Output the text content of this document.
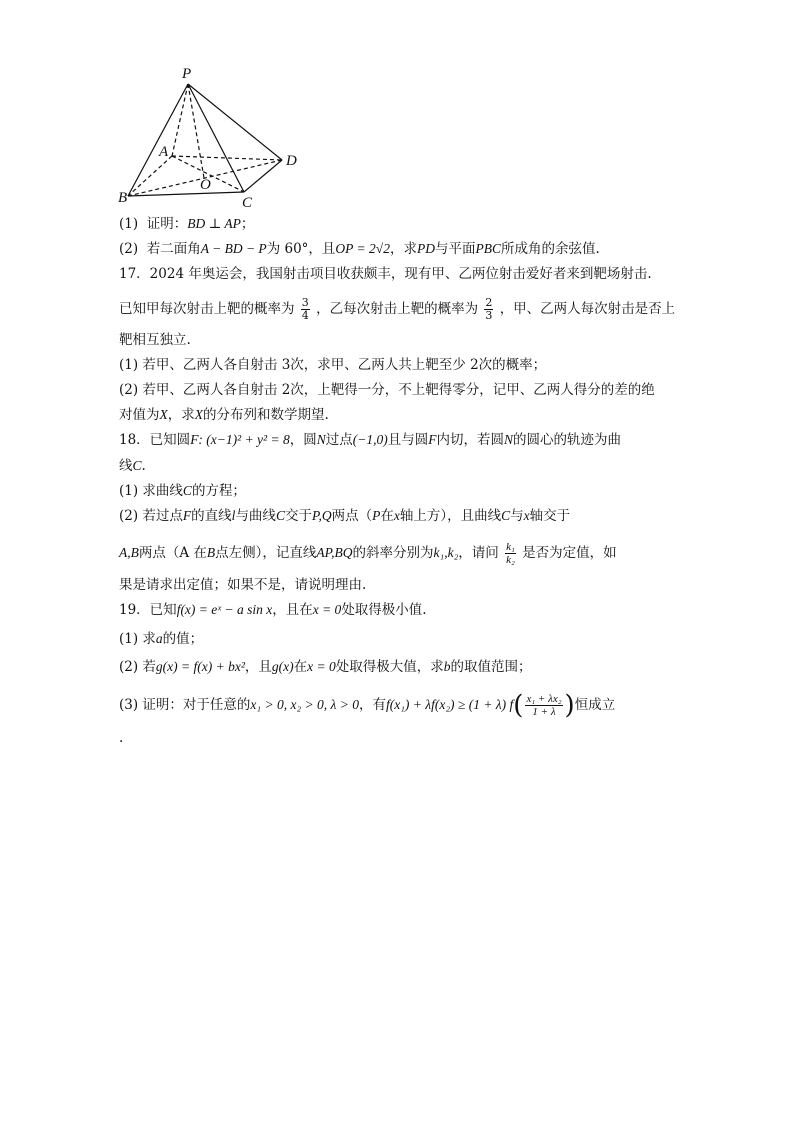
P
A
D
O
B	C
(1) 证明：BD ⊥ AP；
(2) 若二面角A − BD − P为 60°，且OP = 2√2，求PD与平面PBC所成角的余弦值.
17．2024 年奥运会，我国射击项目收获颇丰，现有甲、乙两位射击爱好者来到靶场射击.
已知甲每次射击上靶的概率为 $\frac{3}{4}$ ，乙每次射击上靶的概率为 $\frac{2}{3}$ ，甲、乙两人每次射击是否上
靶相互独立.
(1) 若甲、乙两人各自射击 3次，求甲、乙两人共上靶至少 2次的概率；
(2) 若甲、乙两人各自射击 2次，上靶得一分，不上靶得零分，记甲、乙两人得分的差的绝
对值为X，求X的分布列和数学期望.
18．已知圆F: (x−1)² + y² = 8，圆N过点(−1,0)且与圆F内切，若圆N的圆心的轨迹为曲
线C.
(1) 求曲线C的方程；
(2) 若过点F的直线l与曲线C交于P,Q两点（P在x轴上方），且曲线C与x轴交于
A,B两点（A 在B点左侧），记直线AP,BQ的斜率分别为k₁,k₂，请问 $\frac{\text{k₁}}{\text{k₂}}$ 是否为定值，如
果是请求出定值；如果不是，请说明理由.
19．已知f(x) = eˣ − a sin x，且在x = 0处取得极小值.
(1) 求a的值；
(2) 若g(x) = f(x) + bx²，且g(x)在x = 0处取得极大值，求b的取值范围；
(3) 证明：对于任意的x₁ > 0, x₂ > 0, λ > 0，有f(x₁) + λf(x₂) ≥ (1 + λ) $f( \frac{\text{x₁ + λx₂}}{1 + \lambda}$ )恒成立
.
